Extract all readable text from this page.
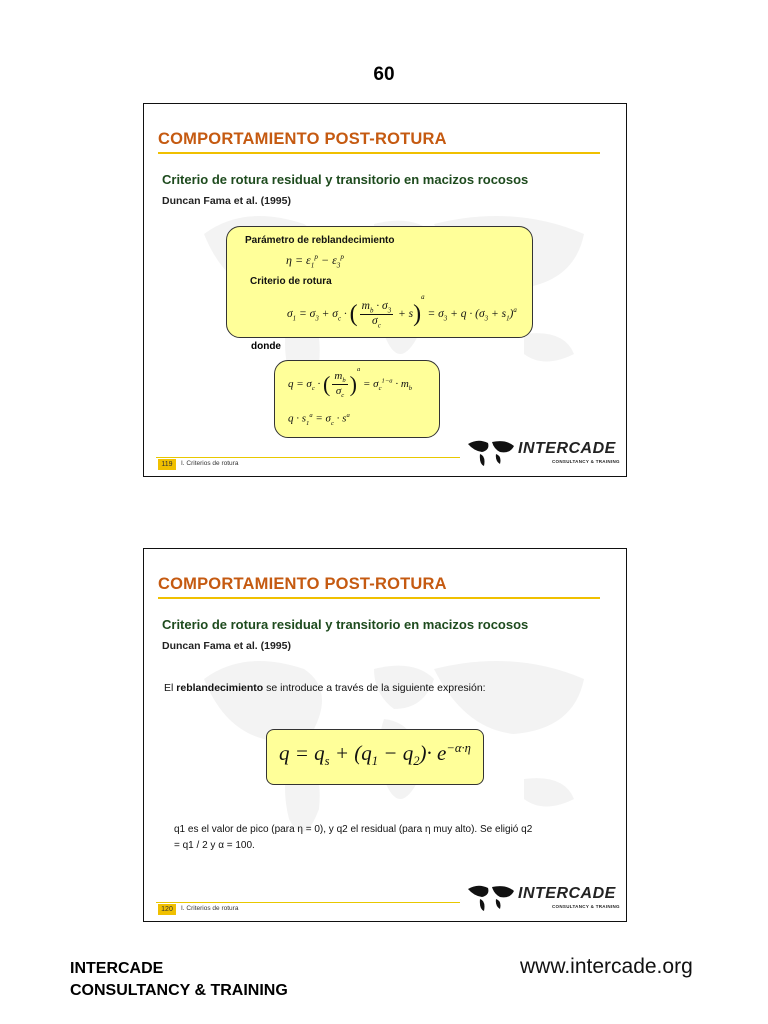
60
COMPORTAMIENTO POST-ROTURA
Criterio de rotura residual y transitorio en macizos rocosos
Duncan Fama et al. (1995)
Parámetro de reblandecimiento
$\eta = \varepsilon_1^p - \varepsilon_3^p$
Criterio de rotura
$\sigma_1 = \sigma_3 + \sigma_c$ · ( $\frac{m_b \cdot \sigma_3}{\sigma_c} + s)^a = \sigma_3 + q \cdot (\sigma_3 + s_1)^a$
donde
$q = \sigma_c$ · ( $\frac{m_b}{\sigma_c} )^a = \sigma_c^{1-a} \cdot m_b$
$q \cdot s_1^a = \sigma_c \cdot s^a$
119	I. Criterios de rotura
INTERCADE
CONSULTANCY & TRAINING
COMPORTAMIENTO POST-ROTURA
Criterio de rotura residual y transitorio en macizos rocosos
Duncan Fama et al. (1995)
El reblandecimiento se introduce a través de la siguiente expresión:
$q = q_s + (q_1 - q_2)\cdot e^{-\alpha\cdot\eta}$
q1 es el valor de pico (para η = 0), y q2 el residual (para η muy alto). Se eligió q2
= q1 / 2 y α = 100.
120	I. Criterios de rotura
INTERCADE
CONSULTANCY & TRAINING
INTERCADE
CONSULTANCY & TRAINING
www.intercade.org
